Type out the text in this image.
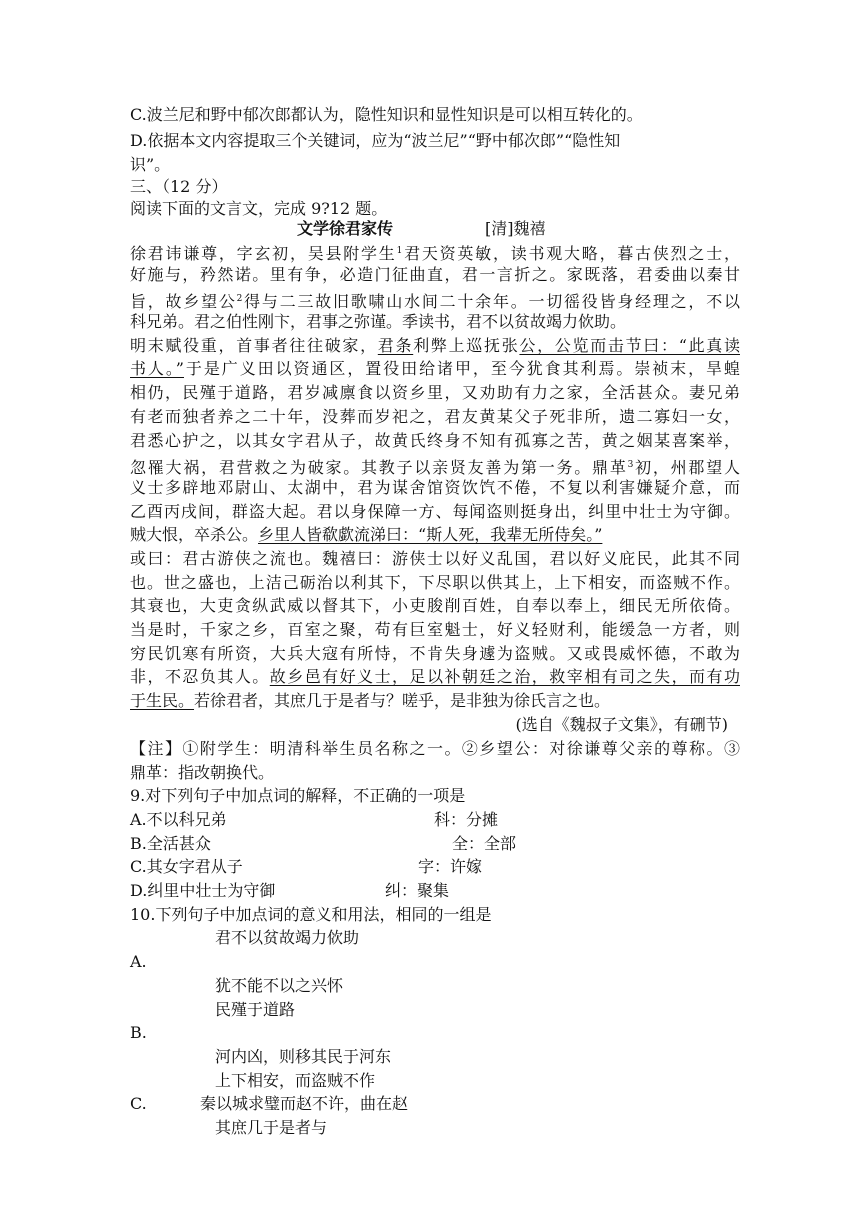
C.波兰尼和野中郁次郎都认为，隐性知识和显性知识是可以相互转化的。
D.依据本文内容提取三个关键词，应为“波兰尼”“野中郁次郎”“隐性知
识”。
三、（12 分）
阅读下面的文言文，完成 9?12 题。
文学徐君家传	[清]魏禧
徐君讳谦尊，字玄初，吴县附学生$^1$君天资英敏，读书观大略，暮古侠烈之士，
好施与，矜然诺。里有争，必造门征曲直，君一言折之。家既落，君委曲以秦甘
旨，故乡望公$^2$得与二三故旧歌啸山水间二十余年。一切徭役皆身经理之，不以
科兄弟。君之伯性刚卞，君事之弥谨。季读书，君不以贫故竭力佽助。
明末赋役重，首事者往往破家，君条利弊上巡抚张公，公览而击节曰：“此真读
书人。”于是广义田以资通区，置役田给诸甲，至今犹食其利焉。崇祯末，旱蝗
相仍，民殣于道路，君岁减廪食以资乡里，又劝助有力之家，全活甚众。妻兄弟
有老而独者养之二十年，没葬而岁祀之，君友黄某父子死非所，遗二寡妇一女，
君悉心护之，以其女字君从子，故黄氏终身不知有孤寡之苦，黄之姻某喜案举，
忽罹大祸，君营救之为破家。其教子以亲贤友善为第一务。鼎革$^3$初，州郡望人
义士多辟地邓尉山、太湖中，君为谋舍馆资饮饩不倦，不复以利害嫌疑介意，而
乙酉丙戌间，群盗大起。君以身保障一方、每闻盗则挺身出，纠里中壮士为守御。
贼大恨，卒杀公。乡里人皆欷歔流涕曰：“斯人死，我辈无所侍矣。”
或曰：君古游侠之流也。魏禧曰：游侠士以好义乱国，君以好义庇民，此其不同
也。世之盛也，上洁己砺治以利其下，下尽职以供其上，上下相安，而盗贼不作。
其衰也，大吏贪纵武威以督其下，小吏朘削百姓，自奉以奉上，细民无所依倚。
当是时，千家之乡，百室之聚，苟有巨室魁士，好义轻财利，能缓急一方者，则
穷民饥寒有所资，大兵大寇有所恃，不肯失身遽为盗贼。又或畏威怀德，不敢为
非，不忍负其人。故乡邑有好义士，足以补朝廷之治，救宰相有司之失，而有功
于生民。若徐君者，其庶几于是者与？嗟乎，是非独为徐氏言之也。
(选自《魏叔子文集》，有硎节)
【注】①附学生：明清科举生员名称之一。②乡望公：对徐谦尊父亲的尊称。③
鼎革：指改朝换代。
9.对下列句子中加点词的解释，不正确的一项是
A.不以科兄弟	科：分摊
B.全活甚众	全：全部
C.其女字君从子	字：许嫁
D.纠里中壮士为守御	纠：聚集
10.下列句子中加点词的意义和用法，相同的一组是
君不以贫故竭力佽助
A.
犹不能不以之兴怀
民殣于道路
B.
河内凶，则移其民于河东
上下相安，而盗贼不作
C.	秦以城求璧而赵不许，曲在赵
其庶几于是者与
